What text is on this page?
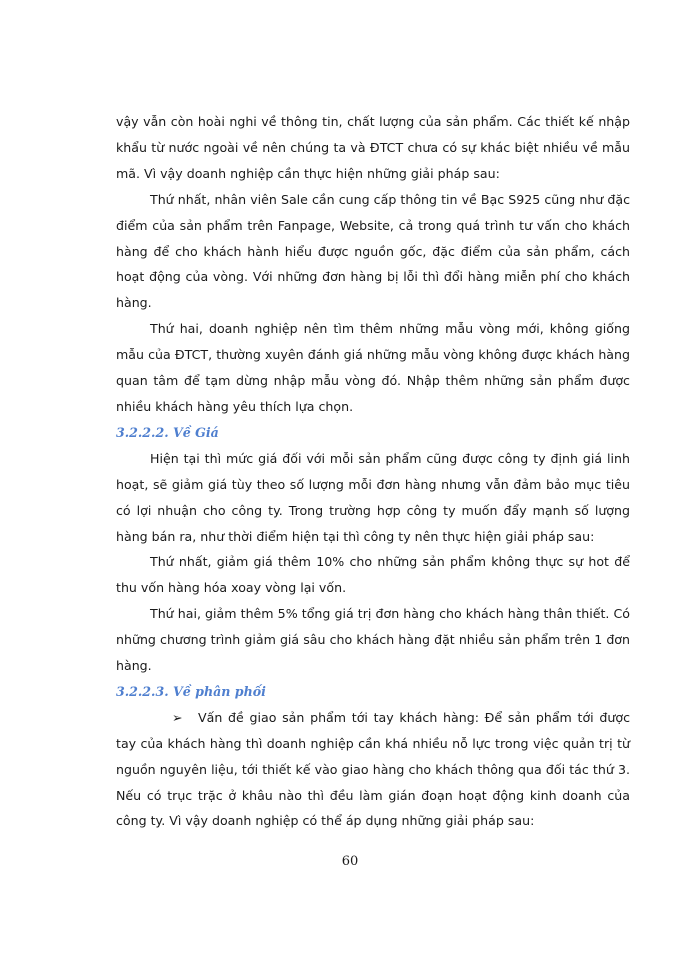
vậy vẫn còn hoài nghi về thông tin, chất lượng của sản phẩm. Các thiết kế nhập khẩu từ nước ngoài về nên chúng ta và ĐTCT chưa có sự khác biệt nhiều về mẫu mã. Vì vậy doanh nghiệp cần thực hiện những giải pháp sau:

Thứ nhất, nhân viên Sale cần cung cấp thông tin về Bạc S925 cũng như đặc điểm của sản phẩm trên Fanpage, Website, cả trong quá trình tư vấn cho khách hàng để cho khách hành hiểu được nguồn gốc, đặc điểm của sản phẩm, cách hoạt động của vòng. Với những đơn hàng bị lỗi thì đổi hàng miễn phí cho khách hàng.

Thứ hai, doanh nghiệp nên tìm thêm những mẫu vòng mới, không giống mẫu của ĐTCT, thường xuyên đánh giá những mẫu vòng không được khách hàng quan tâm để tạm dừng nhập mẫu vòng đó. Nhập thêm những sản phẩm được nhiều khách hàng yêu thích lựa chọn.

3.2.2.2. Về Giá

Hiện tại thì mức giá đối với mỗi sản phẩm cũng được công ty định giá linh hoạt, sẽ giảm giá tùy theo số lượng mỗi đơn hàng nhưng vẫn đảm bảo mục tiêu có lợi nhuận cho công ty. Trong trường hợp công ty muốn đẩy mạnh số lượng hàng bán ra, như thời điểm hiện tại thì công ty nên thực hiện giải pháp sau:

Thứ nhất, giảm giá thêm 10% cho những sản phẩm không thực sự hot để thu vốn hàng hóa xoay vòng lại vốn.

Thứ hai, giảm thêm 5% tổng giá trị đơn hàng cho khách hàng thân thiết. Có những chương trình giảm giá sâu cho khách hàng đặt nhiều sản phẩm trên 1 đơn hàng.

3.2.2.3. Về phân phối

➢ Vấn đề giao sản phẩm tới tay khách hàng: Để sản phẩm tới được tay của khách hàng thì doanh nghiệp cần khá nhiều nỗ lực trong việc quản trị từ nguồn nguyên liệu, tới thiết kế vào giao hàng cho khách thông qua đối tác thứ 3. Nếu có trục trặc ở khâu nào thì đều làm gián đoạn hoạt động kinh doanh của công ty. Vì vậy doanh nghiệp có thể áp dụng những giải pháp sau:

60
